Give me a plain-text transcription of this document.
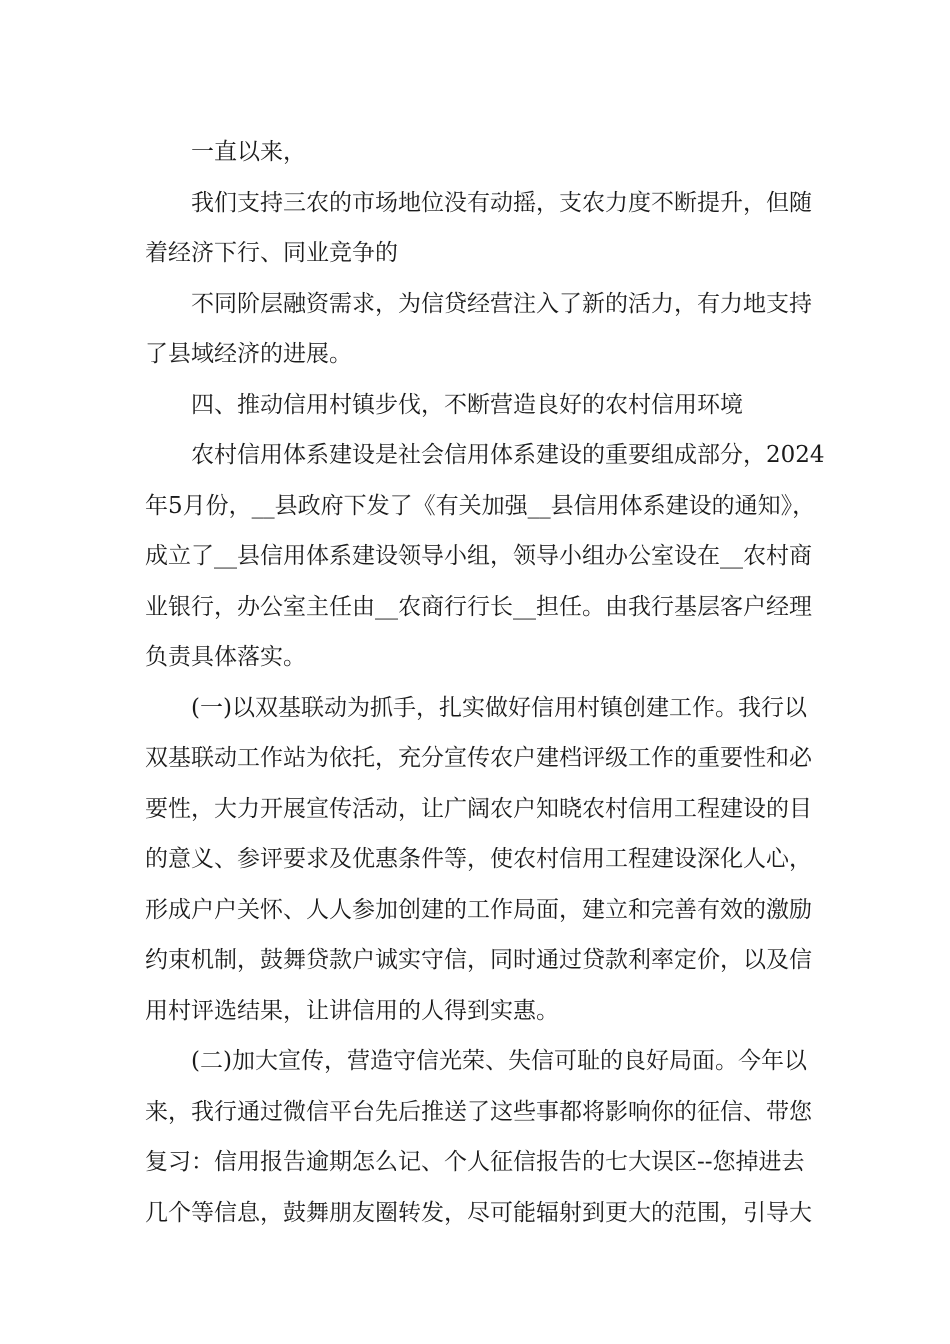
一直以来，

我们支持三农的市场地位没有动摇，支农力度不断提升，但随
着经济下行、同业竞争的

不同阶层融资需求，为信贷经营注入了新的活力，有力地支持
了县域经济的进展。

四、推动信用村镇步伐，不断营造良好的农村信用环境

农村信用体系建设是社会信用体系建设的重要组成部分，2024
年5月份，__县政府下发了《有关加强__县信用体系建设的通知》，
成立了__县信用体系建设领导小组，领导小组办公室设在__农村商
业银行，办公室主任由__农商行行长__担任。由我行基层客户经理
负责具体落实。

(一)以双基联动为抓手，扎实做好信用村镇创建工作。我行以
双基联动工作站为依托，充分宣传农户建档评级工作的重要性和必
要性，大力开展宣传活动，让广阔农户知晓农村信用工程建设的目
的意义、参评要求及优惠条件等，使农村信用工程建设深化人心，
形成户户关怀、人人参加创建的工作局面，建立和完善有效的激励
约束机制，鼓舞贷款户诚实守信，同时通过贷款利率定价，以及信
用村评选结果，让讲信用的人得到实惠。

(二)加大宣传，营造守信光荣、失信可耻的良好局面。今年以
来，我行通过微信平台先后推送了这些事都将影响你的征信、带您
复习：信用报告逾期怎么记、个人征信报告的七大误区--您掉进去
几个等信息，鼓舞朋友圈转发，尽可能辐射到更大的范围，引导大
